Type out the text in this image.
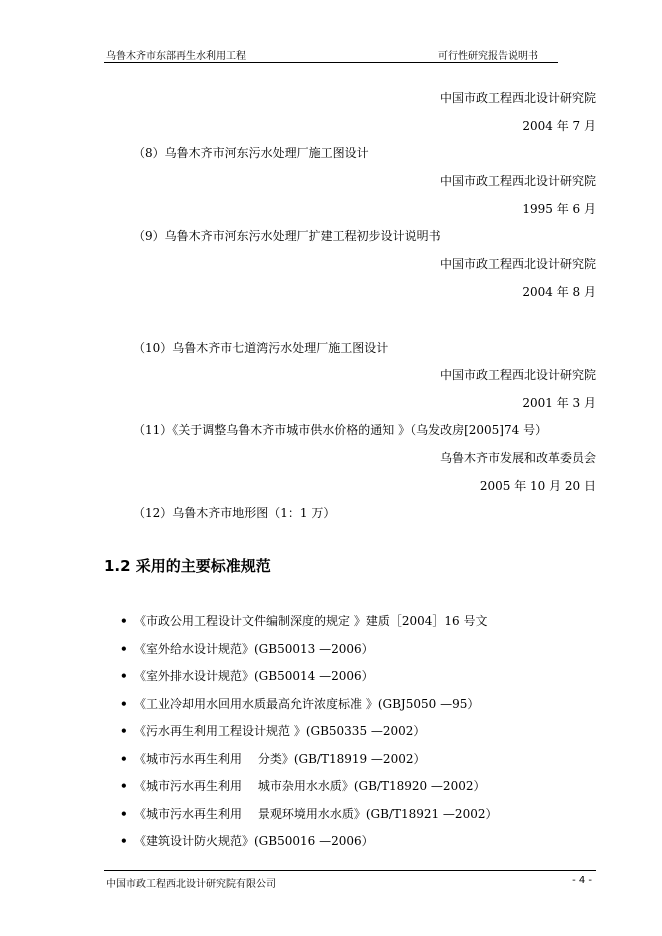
乌鲁木齐市东部再生水利用工程	可行性研究报告说明书
中国市政工程西北设计研究院
2004 年 7 月
（8）乌鲁木齐市河东污水处理厂施工图设计
中国市政工程西北设计研究院
1995 年 6 月
（9）乌鲁木齐市河东污水处理厂扩建工程初步设计说明书
中国市政工程西北设计研究院
2004 年 8 月
（10）乌鲁木齐市七道湾污水处理厂施工图设计
中国市政工程西北设计研究院
2001 年 3 月
（11）《关于调整乌鲁木齐市城市供水价格的通知 》（乌发改房[2005]74 号）
乌鲁木齐市发展和改革委员会
2005 年 10 月 20 日
（12）乌鲁木齐市地形图（1：1 万）
1.2 采用的主要标准规范
• 《市政公用工程设计文件编制深度的规定 》建质［2004］16 号文
• 《室外给水设计规范》(GB50013 —2006）
• 《室外排水设计规范》(GB50014 —2006）
• 《工业冷却用水回用水质最高允许浓度标准 》(GBJ5050 —95）
• 《污水再生利用工程设计规范 》(GB50335 —2002）
• 《城市污水再生利用　 分类》(GB/T18919 —2002）
• 《城市污水再生利用　 城市杂用水水质》(GB/T18920 —2002）
• 《城市污水再生利用　 景观环境用水水质》(GB/T18921 —2002）
• 《建筑设计防火规范》(GB50016 —2006）
中国市政工程西北设计研究院有限公司	- 4 -
